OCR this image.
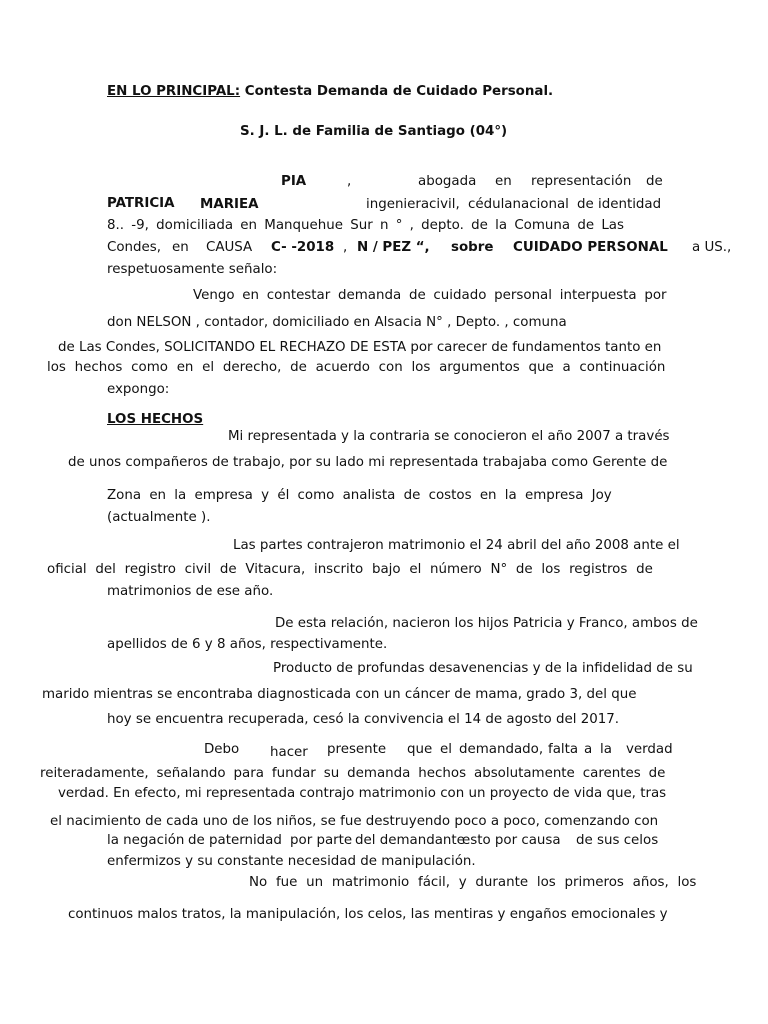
EN LO PRINCIPAL: Contesta Demanda de Cuidado Personal.
S. J. L. de Familia de Santiago (04°)
PIA	,	abogada en representación de
PATRICIA MARIEA	ingeniera civil, cédulanacional de identidad
8.. -9, domiciliada en Manquehue Sur n ° , depto. de la Comuna de Las
Condes, en CAUSA C- -2018 , N / PEZ “, sobre CUIDADO PERSONAL a US.,
respetuosamente señalo:
Vengo en contestar demanda de cuidado personal interpuesta por
don NELSON , contador, domiciliado en Alsacia N° , Depto. , comuna
de Las Condes, SOLICITANDO EL RECHAZO DE ESTA por carecer de fundamentos tanto en
los hechos como en el derecho, de acuerdo con los argumentos que a continuación
expongo:
LOS HECHOS
Mi representada y la contraria se conocieron el año 2007 a través
de unos compañeros de trabajo, por su lado mi representada trabajaba como Gerente de
Zona en la empresa y él como analista de costos en la empresa Joy
(actualmente ).
Las partes contrajeron matrimonio el 24 abril del año 2008 ante el
oficial del registro civil de Vitacura, inscrito bajo el número N° de los registros de
matrimonios de ese año.
De esta relación, nacieron los hijos Patricia y Franco, ambos de
apellidos de 6 y 8 años, respectivamente.
Producto de profundas desavenencias y de la infidelidad de su
marido mientras se encontraba diagnosticada con un cáncer de mama, grado 3, del que
hoy se encuentra recuperada, cesó la convivencia el 14 de agosto del 2017.
Debo hacer presente que el demandado, falta a la verdad
reiteradamente, señalando para fundar su demanda hechos absolutamente carentes de
verdad. En efecto, mi representada contrajo matrimonio con un proyecto de vida que, tras
el nacimiento de cada uno de los niños, se fue destruyendo poco a poco, comenzando con
la negación de paternidad por parte del demandante
esto por causa de sus celos
enfermizos y su constante necesidad de manipulación.
No fue un matrimonio fácil, y durante los primeros años, los
continuos malos tratos, la manipulación, los celos, las mentiras y engaños emocionales y
